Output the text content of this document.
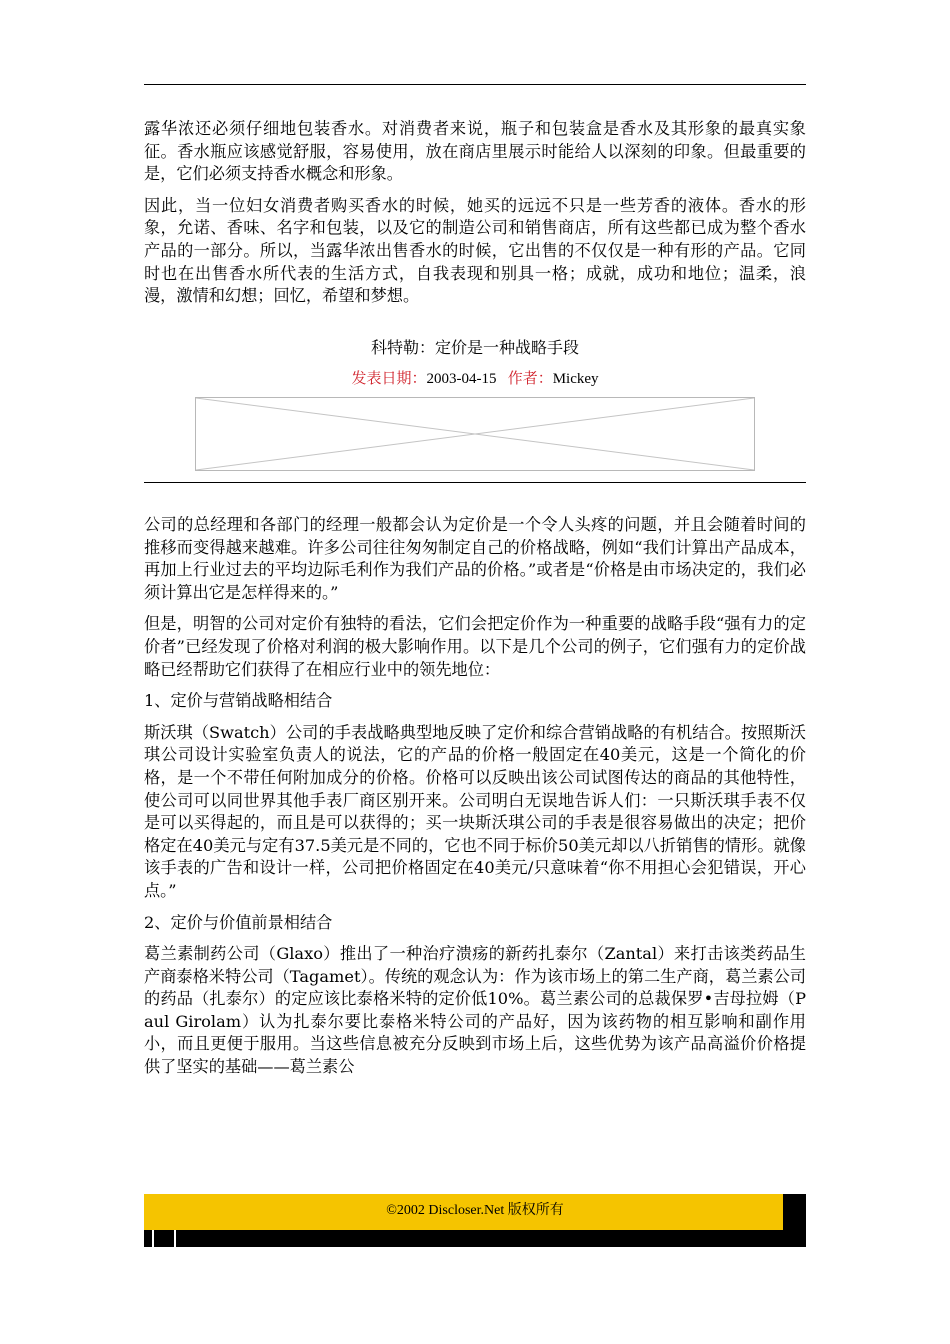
露华浓还必须仔细地包装香水。对消费者来说，瓶子和包装盒是香水及其形象的最真实象征。香水瓶应该感觉舒服，容易使用，放在商店里展示时能给人以深刻的印象。但最重要的是，它们必须支持香水概念和形象。

因此，当一位妇女消费者购买香水的时候，她买的远远不只是一些芳香的液体。香水的形象，允诺、香味、名字和包装，以及它的制造公司和销售商店，所有这些都已成为整个香水产品的一部分。所以，当露华浓出售香水的时候，它出售的不仅仅是一种有形的产品。它同时也在出售香水所代表的生活方式，自我表现和别具一格；成就，成功和地位；温柔，浪漫，激情和幻想；回忆，希望和梦想。

科特勒：定价是一种战略手段
发表日期：2003-04-15 作者：Mickey

公司的总经理和各部门的经理一般都会认为定价是一个令人头疼的问题，并且会随着时间的推移而变得越来越难。许多公司往往匆匆制定自己的价格战略，例如“我们计算出产品成本，再加上行业过去的平均边际毛利作为我们产品的价格。”或者是“价格是由市场决定的，我们必须计算出它是怎样得来的。”

但是，明智的公司对定价有独特的看法，它们会把定价作为一种重要的战略手段“强有力的定价者”已经发现了价格对利润的极大影响作用。以下是几个公司的例子，它们强有力的定价战略已经帮助它们获得了在相应行业中的领先地位：

1、定价与营销战略相结合

斯沃琪（Swatch）公司的手表战略典型地反映了定价和综合营销战略的有机结合。按照斯沃琪公司设计实验室负责人的说法，它的产品的价格一般固定在40美元，这是一个简化的价格，是一个不带任何附加成分的价格。价格可以反映出该公司试图传达的商品的其他特性，使公司可以同世界其他手表厂商区别开来。公司明白无误地告诉人们：一只斯沃琪手表不仅是可以买得起的，而且是可以获得的；买一块斯沃琪公司的手表是很容易做出的决定；把价格定在40美元与定有37.5美元是不同的，它也不同于标价50美元却以八折销售的情形。就像该手表的广告和设计一样，公司把价格固定在40美元/只意味着“你不用担心会犯错误，开心点。”

2、定价与价值前景相结合

葛兰素制药公司（Glaxo）推出了一种治疗溃疡的新药扎泰尔（Zantal）来打击该类药品生产商泰格米特公司（Tagamet）。传统的观念认为：作为该市场上的第二生产商，葛兰素公司的药品（扎泰尔）的定应该比泰格米特的定价低10%。葛兰素公司的总裁保罗•吉母拉姆（Paul Girolam）认为扎泰尔要比泰格米特公司的产品好，因为该药物的相互影响和副作用小，而且更便于服用。当这些信息被充分反映到市场上后，这些优势为该产品高溢价价格提供了坚实的基础——葛兰素公

©2002 Discloser.Net 版权所有
